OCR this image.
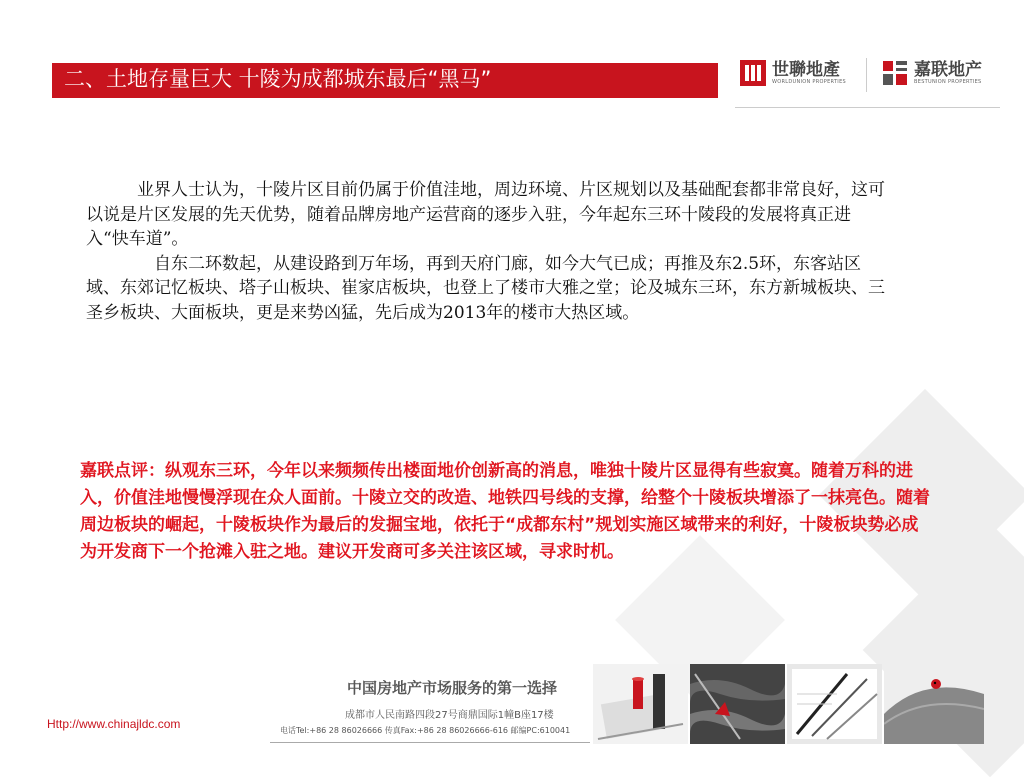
二、土地存量巨大 十陵为成都城东最后“黑马”	世聯地產
WORLDUNION PROPERTIES
嘉联地产
BESTUNION PROPERTIES

　　　业界人士认为，十陵片区目前仍属于价值洼地，周边环境、片区规划以及基础配套都非常良好，这可以说是片区发展的先天优势，随着品牌房地产运营商的逐步入驻，今年起东三环十陵段的发展将真正进入“快车道”。

　　　　自东二环数起，从建设路到万年场，再到天府门廊，如今大气已成；再推及东2.5环，东客站区域、东郊记忆板块、塔子山板块、崔家店板块，也登上了楼市大雅之堂；论及城东三环，东方新城板块、三圣乡板块、大面板块，更是来势凶猛，先后成为2013年的楼市大热区域。

嘉联点评：纵观东三环，今年以来频频传出楼面地价创新高的消息，唯独十陵片区显得有些寂寞。随着万科的进入，价值洼地慢慢浮现在众人面前。十陵立交的改造、地铁四号线的支撑，给整个十陵板块增添了一抹亮色。随着周边板块的崛起，十陵板块作为最后的发掘宝地，依托于“成都东村”规划实施区域带来的利好，十陵板块势必成为开发商下一个抢滩入驻之地。建议开发商可多关注该区域，寻求时机。
中国房地产市场服务的第一选择
成都市人民南路四段27号商鼎国际1幢B座17楼
电话Tel:+86 28 86026666 传真Fax:+86 28 86026666-616 邮编PC:610041
Http://www.chinajldc.com
